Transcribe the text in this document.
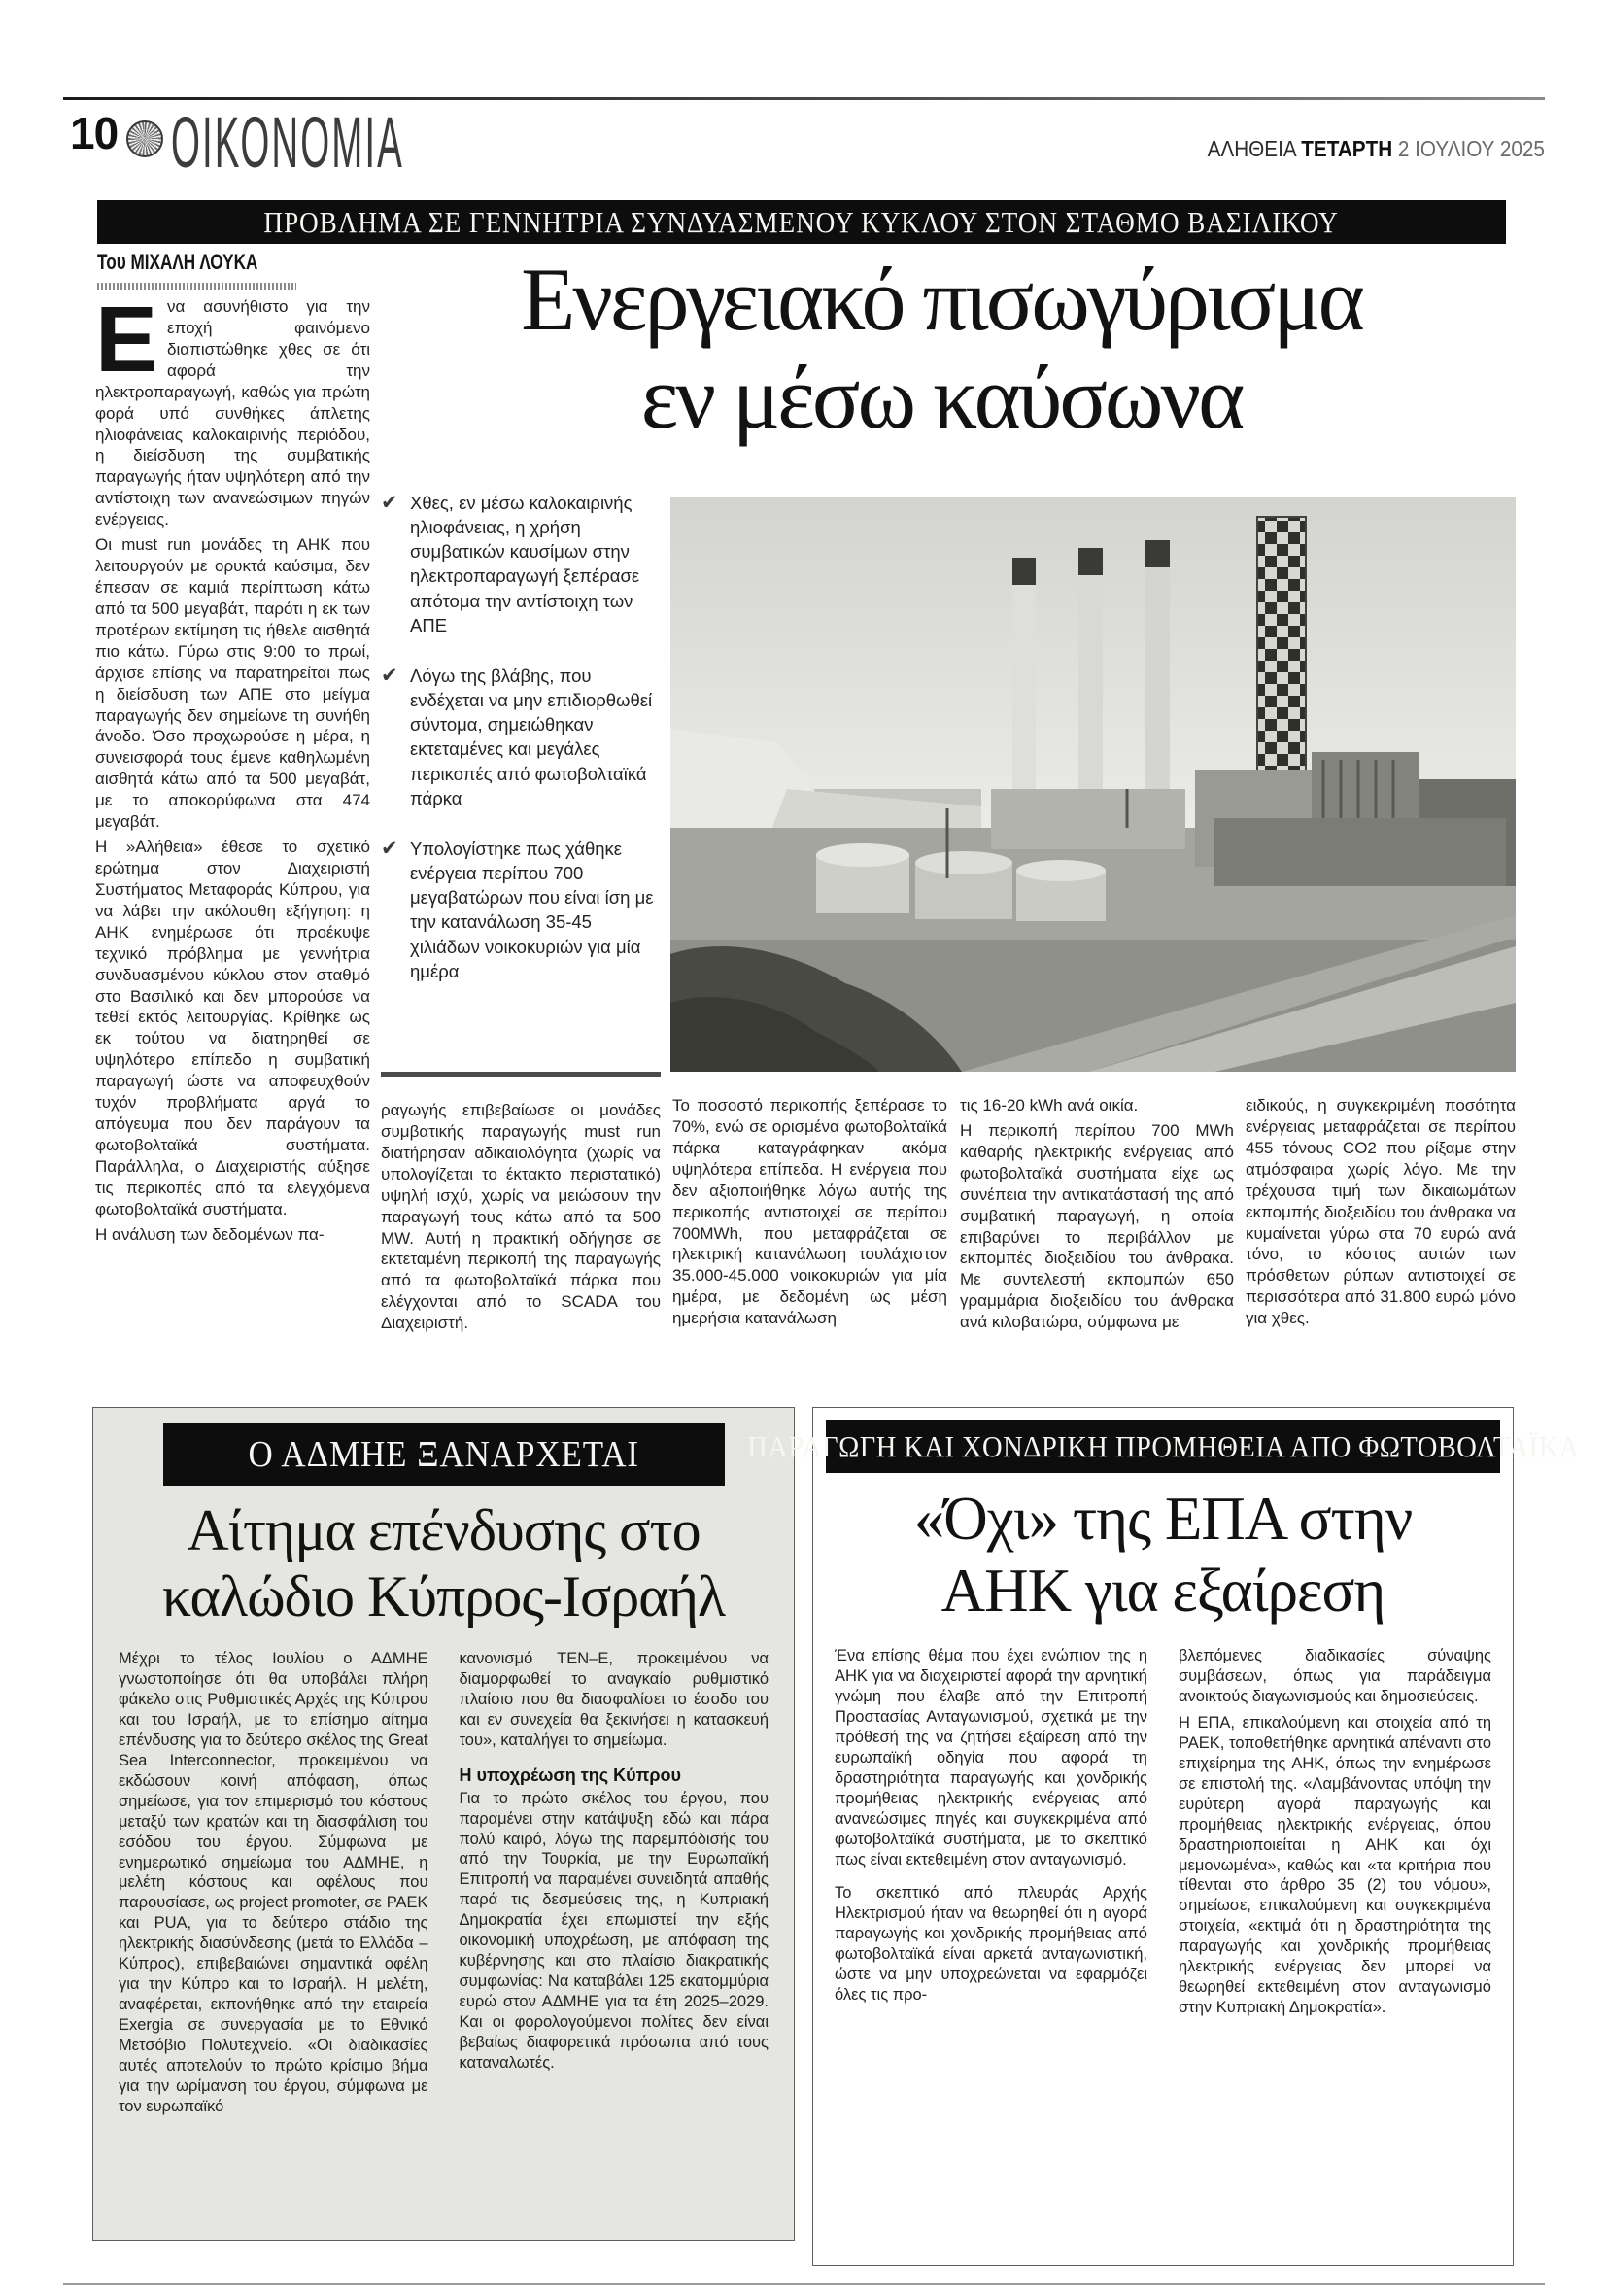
10 ΟΙΚΟΝΟΜΙΑ	ΑΛΗΘΕΙΑ ΤΕΤΑΡΤΗ 2 ΙΟΥΛΙΟΥ 2025
ΠΡΟΒΛΗΜΑ ΣΕ ΓΕΝΝΗΤΡΙΑ ΣΥΝΔΥΑΣΜΕΝΟΥ ΚΥΚΛΟΥ ΣΤΟΝ ΣΤΑΘΜΟ ΒΑΣΙΛΙΚΟΥ
Του ΜΙΧΑΛΗ ΛΟΥΚΑ	Ενεργειακό πισωγύρισμα
εν μέσω καύσωνα

Ενα ασυνήθιστο για την εποχή φαινόμενο διαπιστώθηκε χθες σε ότι αφορά την ηλεκτροπαραγωγή, καθώς για πρώτη φορά υπό συνθήκες άπλετης ηλιοφάνειας καλοκαιρινής περιόδου, η διείσδυση της συμβατικής παραγωγής ήταν υψηλότερη από την αντίστοιχη των ανανεώσιμων πηγών ενέργειας.

Οι must run μονάδες τη ΑΗΚ που λειτουργούν με ορυκτά καύσιμα, δεν έπεσαν σε καμιά περίπτωση κάτω από τα 500 μεγαβάτ, παρότι η εκ των προτέρων εκτίμηση τις ήθελε αισθητά πιο κάτω. Γύρω στις 9:00 το πρωί, άρχισε επίσης να παρατηρείται πως η διείσδυση των ΑΠΕ στο μείγμα παραγωγής δεν σημείωνε τη συνήθη άνοδο. Όσο προχωρούσε η μέρα, η συνεισφορά τους έμενε καθηλωμένη αισθητά κάτω από τα 500 μεγαβάτ, με το αποκορύφωνα στα 474 μεγαβάτ.

Η »Αλήθεια» έθεσε το σχετικό ερώτημα στον Διαχειριστή Συστήματος Μεταφοράς Κύπρου, για να λάβει την ακόλουθη εξήγηση: η ΑΗΚ ενημέρωσε ότι προέκυψε τεχνικό πρόβλημα με γεννήτρια συνδυασμένου κύκλου στον σταθμό στο Βασιλικό και δεν μπορούσε να τεθεί εκτός λειτουργίας. Κρίθηκε ως εκ τούτου να διατηρηθεί σε υψηλότερο επίπεδο η συμβατική παραγωγή ώστε να αποφευχθούν τυχόν προβλήματα αργά το απόγευμα που δεν παράγουν τα φωτοβολταϊκά συστήματα. Παράλληλα, ο Διαχειριστής αύξησε τις περικοπές από τα ελεγχόμενα φωτοβολταϊκά συστήματα.

Η ανάλυση των δεδομένων πα-

✔ Χθες, εν μέσω καλοκαιρινής ηλιοφάνειας, η χρήση συμβατικών καυσίμων στην ηλεκτροπαραγωγή ξεπέρασε απότομα την αντίστοιχη των ΑΠΕ
✔ Λόγω της βλάβης, που ενδέχεται να μην επιδιορθωθεί σύντομα, σημειώθηκαν εκτεταμένες και μεγάλες περικοπές από φωτοβολταϊκά πάρκα
✔ Υπολογίστηκε πως χάθηκε ενέργεια περίπου 700 μεγαβατώρων που είναι ίση με την κατανάλωση 35-45 χιλιάδων νοικοκυριών για μία ημέρα

ραγωγής επιβεβαίωσε οι μονάδες συμβατικής παραγωγής must run διατήρησαν αδικαιολόγητα (χωρίς να υπολογίζεται το έκτακτο περιστατικό) υψηλή ισχύ, χωρίς να μειώσουν την παραγωγή τους κάτω από τα 500 MW. Αυτή η πρακτική οδήγησε σε εκτεταμένη περικοπή της παραγωγής από τα φωτοβολταϊκά πάρκα που ελέγχονται από το SCADA του Διαχειριστή.

Το ποσοστό περικοπής ξεπέρασε το 70%, ενώ σε ορισμένα φωτοβολταϊκά πάρκα καταγράφηκαν ακόμα υψηλότερα επίπεδα. Η ενέργεια που δεν αξιοποιήθηκε λόγω αυτής της περικοπής αντιστοιχεί σε περίπου 700MWh, που μεταφράζεται σε ηλεκτρική κατανάλωση τουλάχιστον 35.000-45.000 νοικοκυριών για μία ημέρα, με δεδομένη ως μέση ημερήσια κατανάλωση

τις 16-20 kWh ανά οικία.

Η περικοπή περίπου 700 MWh καθαρής ηλεκτρικής ενέργειας από φωτοβολταϊκά συστήματα είχε ως συνέπεια την αντικατάστασή της από συμβατική παραγωγή, η οποία επιβαρύνει το περιβάλλον με εκπομπές διοξειδίου του άνθρακα. Με συντελεστή εκπομπών 650 γραμμάρια διοξειδίου του άνθρακα ανά κιλοβατώρα, σύμφωνα με

ειδικούς, η συγκεκριμένη ποσότητα ενέργειας μεταφράζεται σε περίπου 455 τόνους CO2 που ρίξαμε στην ατμόσφαιρα χωρίς λόγο. Με την τρέχουσα τιμή των δικαιωμάτων εκπομπής διοξειδίου του άνθρακα να κυμαίνεται γύρω στα 70 ευρώ ανά τόνο, το κόστος αυτών των πρόσθετων ρύπων αντιστοιχεί σε περισσότερα από 31.800 ευρώ μόνο για χθες.

Ο ΑΔΜΗΕ ΞΑΝΑΡΧΕΤΑΙ
Αίτημα επένδυσης στο
καλώδιο Κύπρος-Ισραήλ

Μέχρι το τέλος Ιουλίου ο ΑΔΜΗΕ γνωστοποίησε ότι θα υποβάλει πλήρη φάκελο στις Ρυθμιστικές Αρχές της Κύπρου και του Ισραήλ, με το επίσημο αίτημα επένδυσης για το δεύτερο σκέλος της Great Sea Interconnector, προκειμένου να εκδώσουν κοινή απόφαση, όπως σημείωσε, για τον επιμερισμό του κόστους μεταξύ των κρατών και τη διασφάλιση του εσόδου του έργου. Σύμφωνα με ενημερωτικό σημείωμα του ΑΔΜΗΕ, η μελέτη κόστους και οφέλους που παρουσίασε, ως project promoter, σε ΡΑΕΚ και PUA, για το δεύτερο στάδιο της ηλεκτρικής διασύνδεσης (μετά το Ελλάδα – Κύπρος), επιβεβαιώνει σημαντικά οφέλη για την Κύπρο και το Ισραήλ. Η μελέτη, αναφέρεται, εκπονήθηκε από την εταιρεία Exergia σε συνεργασία με το Εθνικό Μετσόβιο Πολυτεχνείο. «Οι διαδικασίες αυτές αποτελούν το πρώτο κρίσιμο βήμα για την ωρίμανση του έργου, σύμφωνα με τον ευρωπαϊκό

κανονισμό TEN–E, προκειμένου να διαμορφωθεί το αναγκαίο ρυθμιστικό πλαίσιο που θα διασφαλίσει το έσοδο του και εν συνεχεία θα ξεκινήσει η κατασκευή του», καταλήγει το σημείωμα.

Η υποχρέωση της Κύπρου

Για το πρώτο σκέλος του έργου, που παραμένει στην κατάψυξη εδώ και πάρα πολύ καιρό, λόγω της παρεμπόδισής του από την Τουρκία, με την Ευρωπαϊκή Επιτροπή να παραμένει συνειδητά απαθής παρά τις δεσμεύσεις της, η Κυπριακή Δημοκρατία έχει επωμιστεί την εξής οικονομική υποχρέωση, με απόφαση της κυβέρνησης και στο πλαίσιο διακρατικής συμφωνίας: Να καταβάλει 125 εκατομμύρια ευρώ στον ΑΔΜΗΕ για τα έτη 2025–2029. Και οι φορολογούμενοι πολίτες δεν είναι βεβαίως διαφορετικά πρόσωπα από τους καταναλωτές.

ΠΑΡΑΓΩΓΗ ΚΑΙ ΧΟΝΔΡΙΚΗ ΠΡΟΜΗΘΕΙΑ ΑΠΟ ΦΩΤΟΒΟΛΤΑΪΚΑ
«Όχι» της ΕΠΑ στην
ΑΗΚ για εξαίρεση

Ένα επίσης θέμα που έχει ενώπιον της η ΑΗΚ για να διαχειριστεί αφορά την αρνητική γνώμη που έλαβε από την Επιτροπή Προστασίας Ανταγωνισμού, σχετικά με την πρόθεσή της να ζητήσει εξαίρεση από την ευρωπαϊκή οδηγία που αφορά τη δραστηριότητα παραγωγής και χονδρικής προμήθειας ηλεκτρικής ενέργειας από ανανεώσιμες πηγές και συγκεκριμένα από φωτοβολταϊκά συστήματα, με το σκεπτικό πως είναι εκτεθειμένη στον ανταγωνισμό.

Το σκεπτικό από πλευράς Αρχής Ηλεκτρισμού ήταν να θεωρηθεί ότι η αγορά παραγωγής και χονδρικής προμήθειας από φωτοβολταϊκά είναι αρκετά ανταγωνιστική, ώστε να μην υποχρεώνεται να εφαρμόζει όλες τις προ-

βλεπόμενες διαδικασίες σύναψης συμβάσεων, όπως για παράδειγμα ανοικτούς διαγωνισμούς και δημοσιεύσεις.

Η ΕΠΑ, επικαλούμενη και στοιχεία από τη ΡΑΕΚ, τοποθετήθηκε αρνητικά απέναντι στο επιχείρημα της ΑΗΚ, όπως την ενημέρωσε σε επιστολή της. «Λαμβάνοντας υπόψη την ευρύτερη αγορά παραγωγής και προμήθειας ηλεκτρικής ενέργειας, όπου δραστηριοποιείται η ΑΗΚ και όχι μεμονωμένα», καθώς και «τα κριτήρια που τίθενται στο άρθρο 35 (2) του νόμου», σημείωσε, επικαλούμενη και συγκεκριμένα στοιχεία, «εκτιμά ότι η δραστηριότητα της παραγωγής και χονδρικής προμήθειας ηλεκτρικής ενέργειας δεν μπορεί να θεωρηθεί εκτεθειμένη στον ανταγωνισμό στην Κυπριακή Δημοκρατία».
